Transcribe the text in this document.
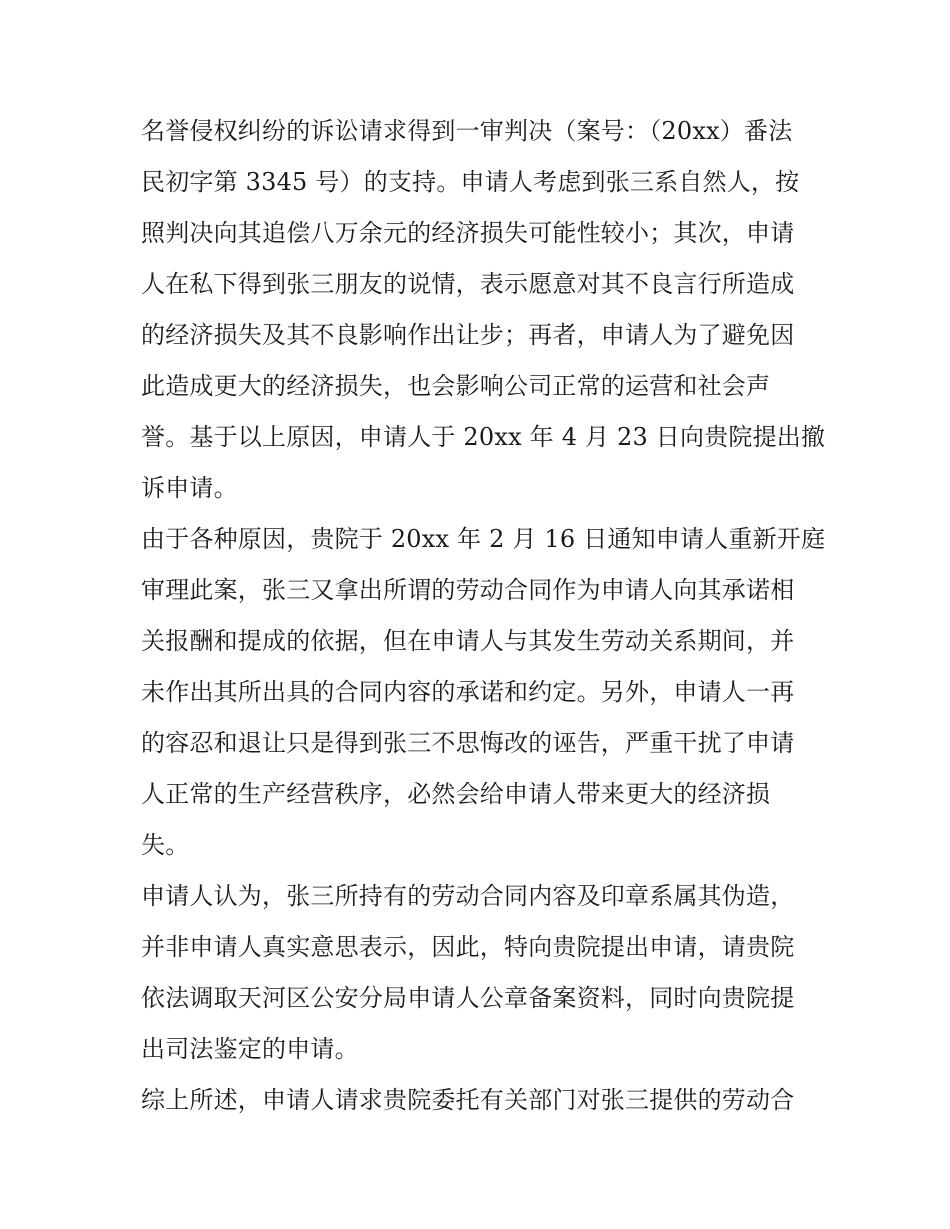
名誉侵权纠纷的诉讼请求得到一审判决（案号：（20xx）番法
民初字第 3345 号）的支持。申请人考虑到张三系自然人，按
照判决向其追偿八万余元的经济损失可能性较小；其次，申请
人在私下得到张三朋友的说情，表示愿意对其不良言行所造成
的经济损失及其不良影响作出让步；再者，申请人为了避免因
此造成更大的经济损失，也会影响公司正常的运营和社会声
誉。基于以上原因，申请人于 20xx 年 4 月 23 日向贵院提出撤
诉申请。
由于各种原因，贵院于 20xx 年 2 月 16 日通知申请人重新开庭
审理此案，张三又拿出所谓的劳动合同作为申请人向其承诺相
关报酬和提成的依据，但在申请人与其发生劳动关系期间，并
未作出其所出具的合同内容的承诺和约定。另外，申请人一再
的容忍和退让只是得到张三不思悔改的诬告，严重干扰了申请
人正常的生产经营秩序，必然会给申请人带来更大的经济损
失。
申请人认为，张三所持有的劳动合同内容及印章系属其伪造，
并非申请人真实意思表示，因此，特向贵院提出申请，请贵院
依法调取天河区公安分局申请人公章备案资料，同时向贵院提
出司法鉴定的申请。
综上所述，申请人请求贵院委托有关部门对张三提供的劳动合
